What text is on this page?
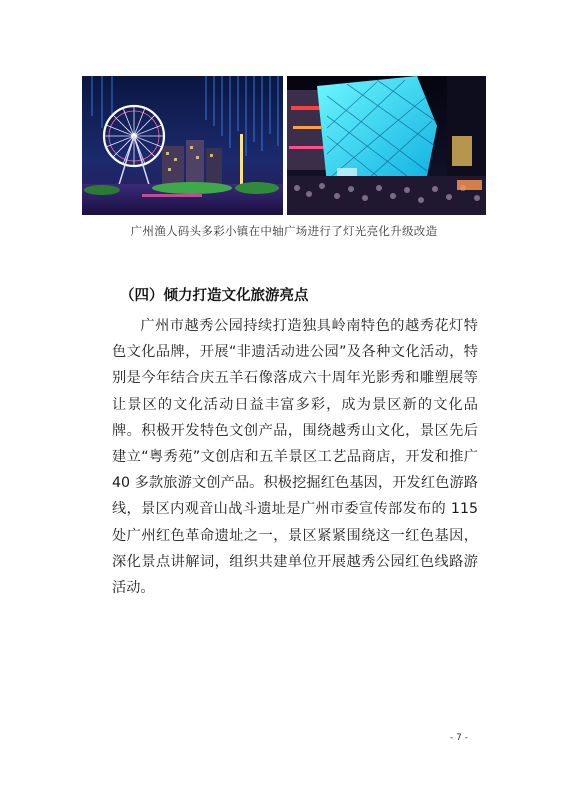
广州渔人码头多彩小镇在中轴广场进行了灯光亮化升级改造
（四）倾力打造文化旅游亮点

广州市越秀公园持续打造独具岭南特色的越秀花灯特色文化品牌，开展“非遗活动进公园”及各种文化活动，特别是今年结合庆五羊石像落成六十周年光影秀和雕塑展等让景区的文化活动日益丰富多彩，成为景区新的文化品牌。积极开发特色文创产品，围绕越秀山文化，景区先后建立“粤秀苑”文创店和五羊景区工艺品商店，开发和推广 40 多款旅游文创产品。积极挖掘红色基因，开发红色游路线，景区内观音山战斗遗址是广州市委宣传部发布的 115 处广州红色革命遗址之一，景区紧紧围绕这一红色基因，深化景点讲解词，组织共建单位开展越秀公园红色线路游活动。

- 7 -
